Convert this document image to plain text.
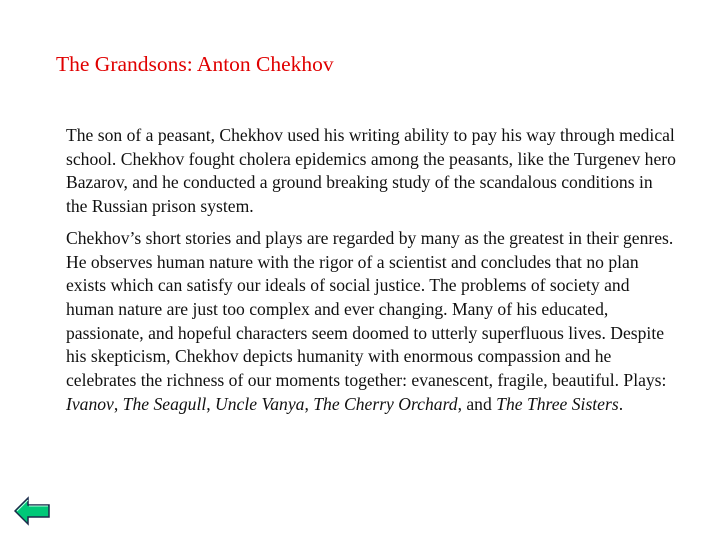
The Grandsons: Anton Chekhov

The son of a peasant, Chekhov used his writing ability to pay his way through medical school. Chekhov fought cholera epidemics among the peasants, like the Turgenev hero Bazarov, and he conducted a ground breaking study of the scandalous conditions in the Russian prison system.

Chekhov’s short stories and plays are regarded by many as the greatest in their genres. He observes human nature with the rigor of a scientist and concludes that no plan exists which can satisfy our ideals of social justice. The problems of society and human nature are just too complex and ever changing. Many of his educated, passionate, and hopeful characters seem doomed to utterly superfluous lives. Despite his skepticism, Chekhov depicts humanity with enormous compassion and he celebrates the richness of our moments together: evanescent, fragile, beautiful. Plays: Ivanov, The Seagull, Uncle Vanya, The Cherry Orchard, and The Three Sisters.
